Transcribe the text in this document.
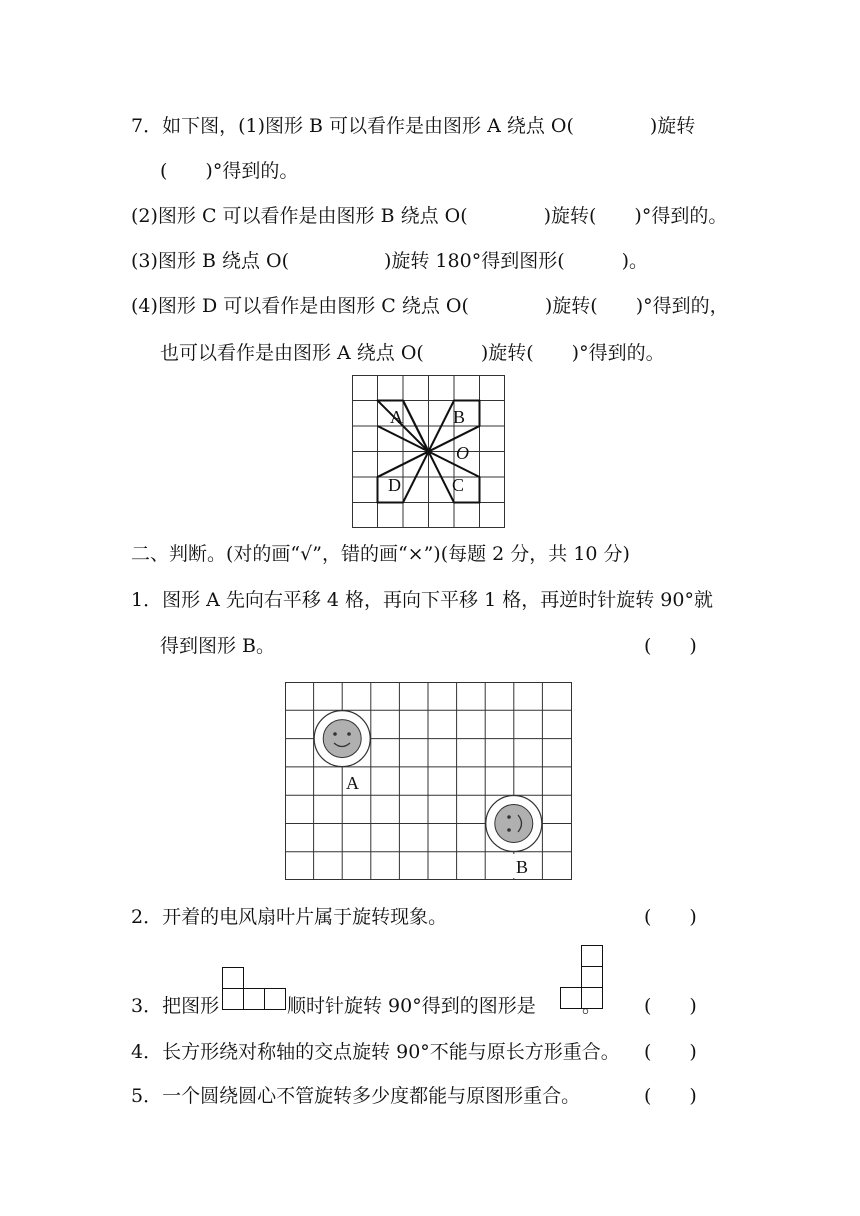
7．如下图，(1)图形 B 可以看作是由图形 A 绕点 O(　　　　)旋转
(　　)°得到的。
(2)图形 C 可以看作是由图形 B 绕点 O(　　　　)旋转(　　)°得到的。
(3)图形 B 绕点 O(　　　　　)旋转 180°得到图形(　　　)。
(4)图形 D 可以看作是由图形 C 绕点 O(　　　　)旋转(　　)°得到的，
也可以看作是由图形 A 绕点 O(　　　)旋转(　　)°得到的。
A	B
O
D	C
二、判断。(对的画“√”，错的画“×”)(每题 2 分，共 10 分)
1．图形 A 先向右平移 4 格，再向下平移 1 格，再逆时针旋转 90°就
得到图形 B。	(　　)
A
B
2．开着的电风扇叶片属于旋转现象。	(　　)
3．把图形	顺时针旋转 90°得到的图形是 。 (　　)
4．长方形绕对称轴的交点旋转 90°不能与原长方形重合。 (　　)
5．一个圆绕圆心不管旋转多少度都能与原图形重合。	(　　)
